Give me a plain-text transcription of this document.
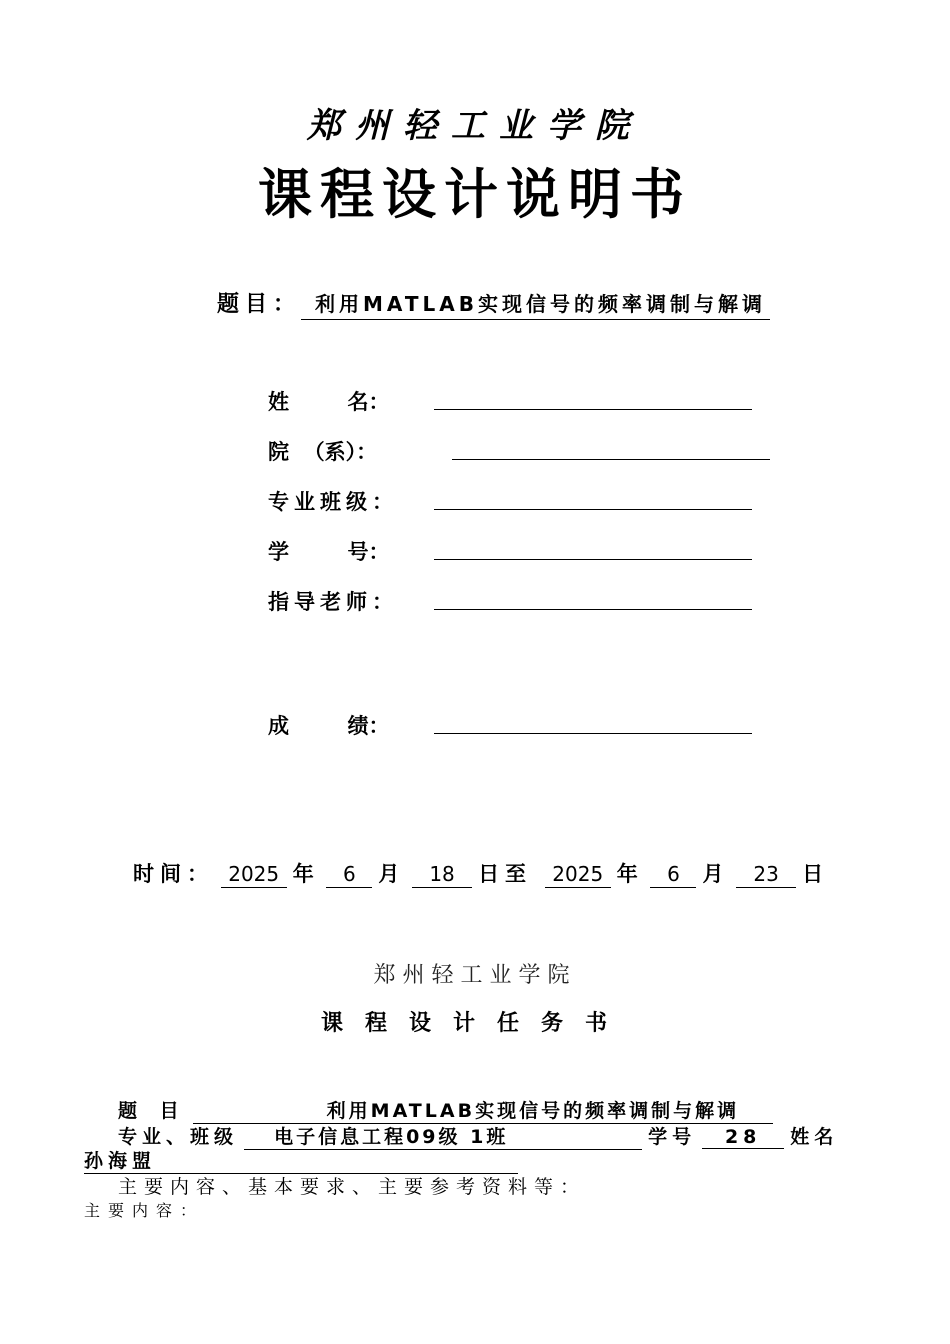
郑州轻工业学院
课程设计说明书
题目： 利用MATLAB实现信号的频率调制与解调
姓        名：
院  （系）：
专业班级：
学        号：
指导老师：
成        绩：
时间： 2025 年 6 月 18 日至 2025 年 6 月 23 日
郑州轻工业学院
课程设计任务书
题 目	利用MATLAB实现信号的频率调制与解调
专业、班级 电子信息工程09级 1班	学号 28 姓名
孙海盟
主要内容、基本要求、主要参考资料等：
主要内容：
